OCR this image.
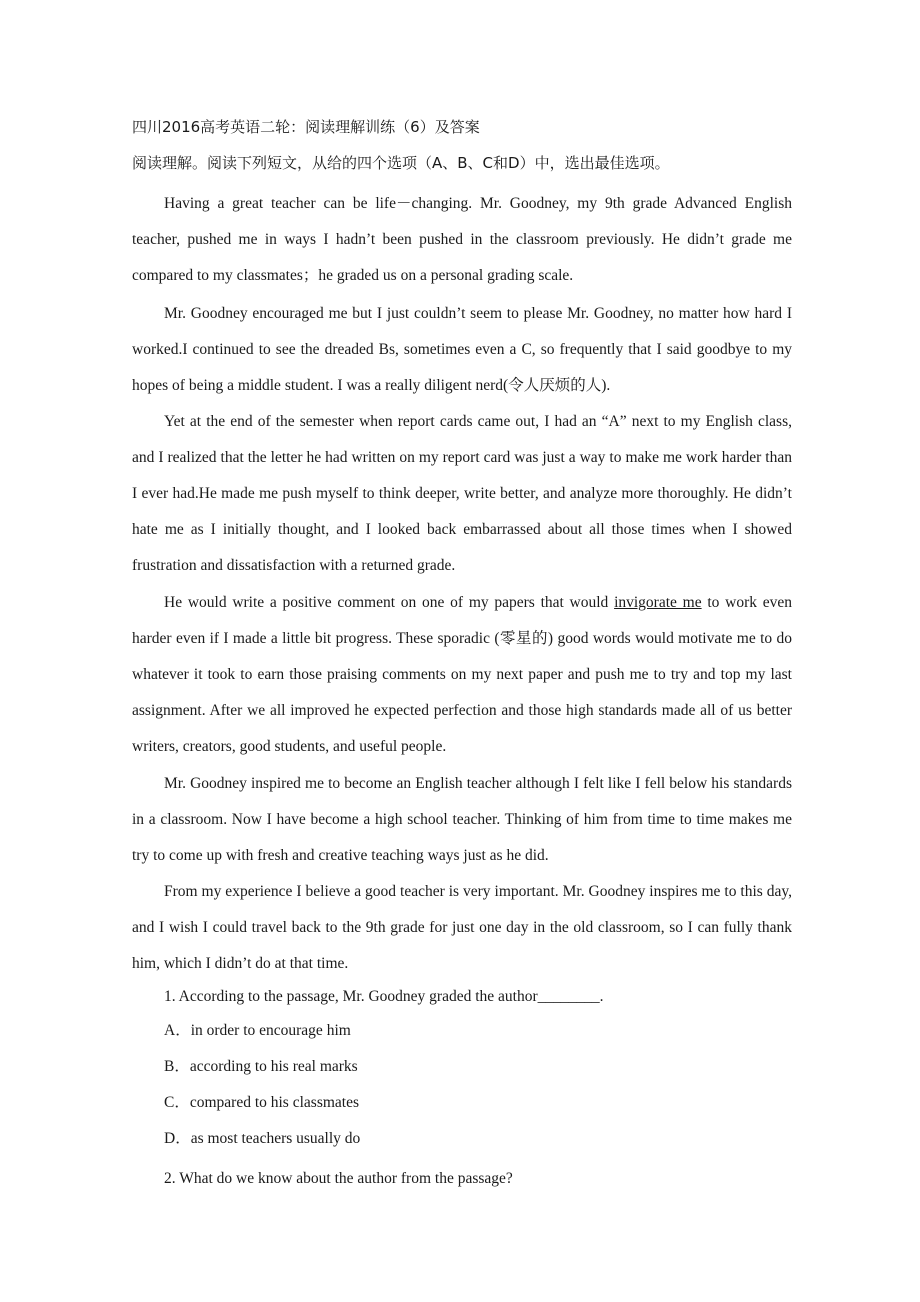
四川2016高考英语二轮：阅读理解训练（6）及答案
阅读理解。阅读下列短文，从给的四个选项（A、B、C和D）中，选出最佳选项。

Having a great teacher can be life－changing. Mr. Goodney, my 9th grade Advanced English teacher, pushed me in ways I hadn’t been pushed in the classroom previously. He didn’t grade me compared to my classmates；he graded us on a personal grading scale.

Mr. Goodney encouraged me but I just couldn’t seem to please Mr. Goodney, no matter how hard I worked.I continued to see the dreaded Bs, sometimes even a C, so frequently that I said goodbye to my hopes of being a middle student. I was a really diligent nerd(令人厌烦的人).

Yet at the end of the semester when report cards came out, I had an “A” next to my English class, and I realized that the letter he had written on my report card was just a way to make me work harder than I ever had.He made me push myself to think deeper, write better, and analyze more thoroughly. He didn’t hate me as I initially thought, and I looked back embarrassed about all those times when I showed frustration and dissatisfaction with a returned grade.

He would write a positive comment on one of my papers that would invigorate me to work even harder even if I made a little bit progress. These sporadic (零星的) good words would motivate me to do whatever it took to earn those praising comments on my next paper and push me to try and top my last assignment. After we all improved he expected perfection and those high standards made all of us better writers, creators, good students, and useful people.

Mr. Goodney inspired me to become an English teacher although I felt like I fell below his standards in a classroom. Now I have become a high school teacher. Thinking of him from time to time makes me try to come up with fresh and creative teaching ways just as he did.

From my experience I believe a good teacher is very important. Mr. Goodney inspires me to this day, and I wish I could travel back to the 9th grade for just one day in the old classroom, so I can fully thank him, which I didn’t do at that time.

1. According to the passage, Mr. Goodney graded the author________.
A．in order to encourage him
B．according to his real marks
C．compared to his classmates
D．as most teachers usually do
2. What do we know about the author from the passage?
